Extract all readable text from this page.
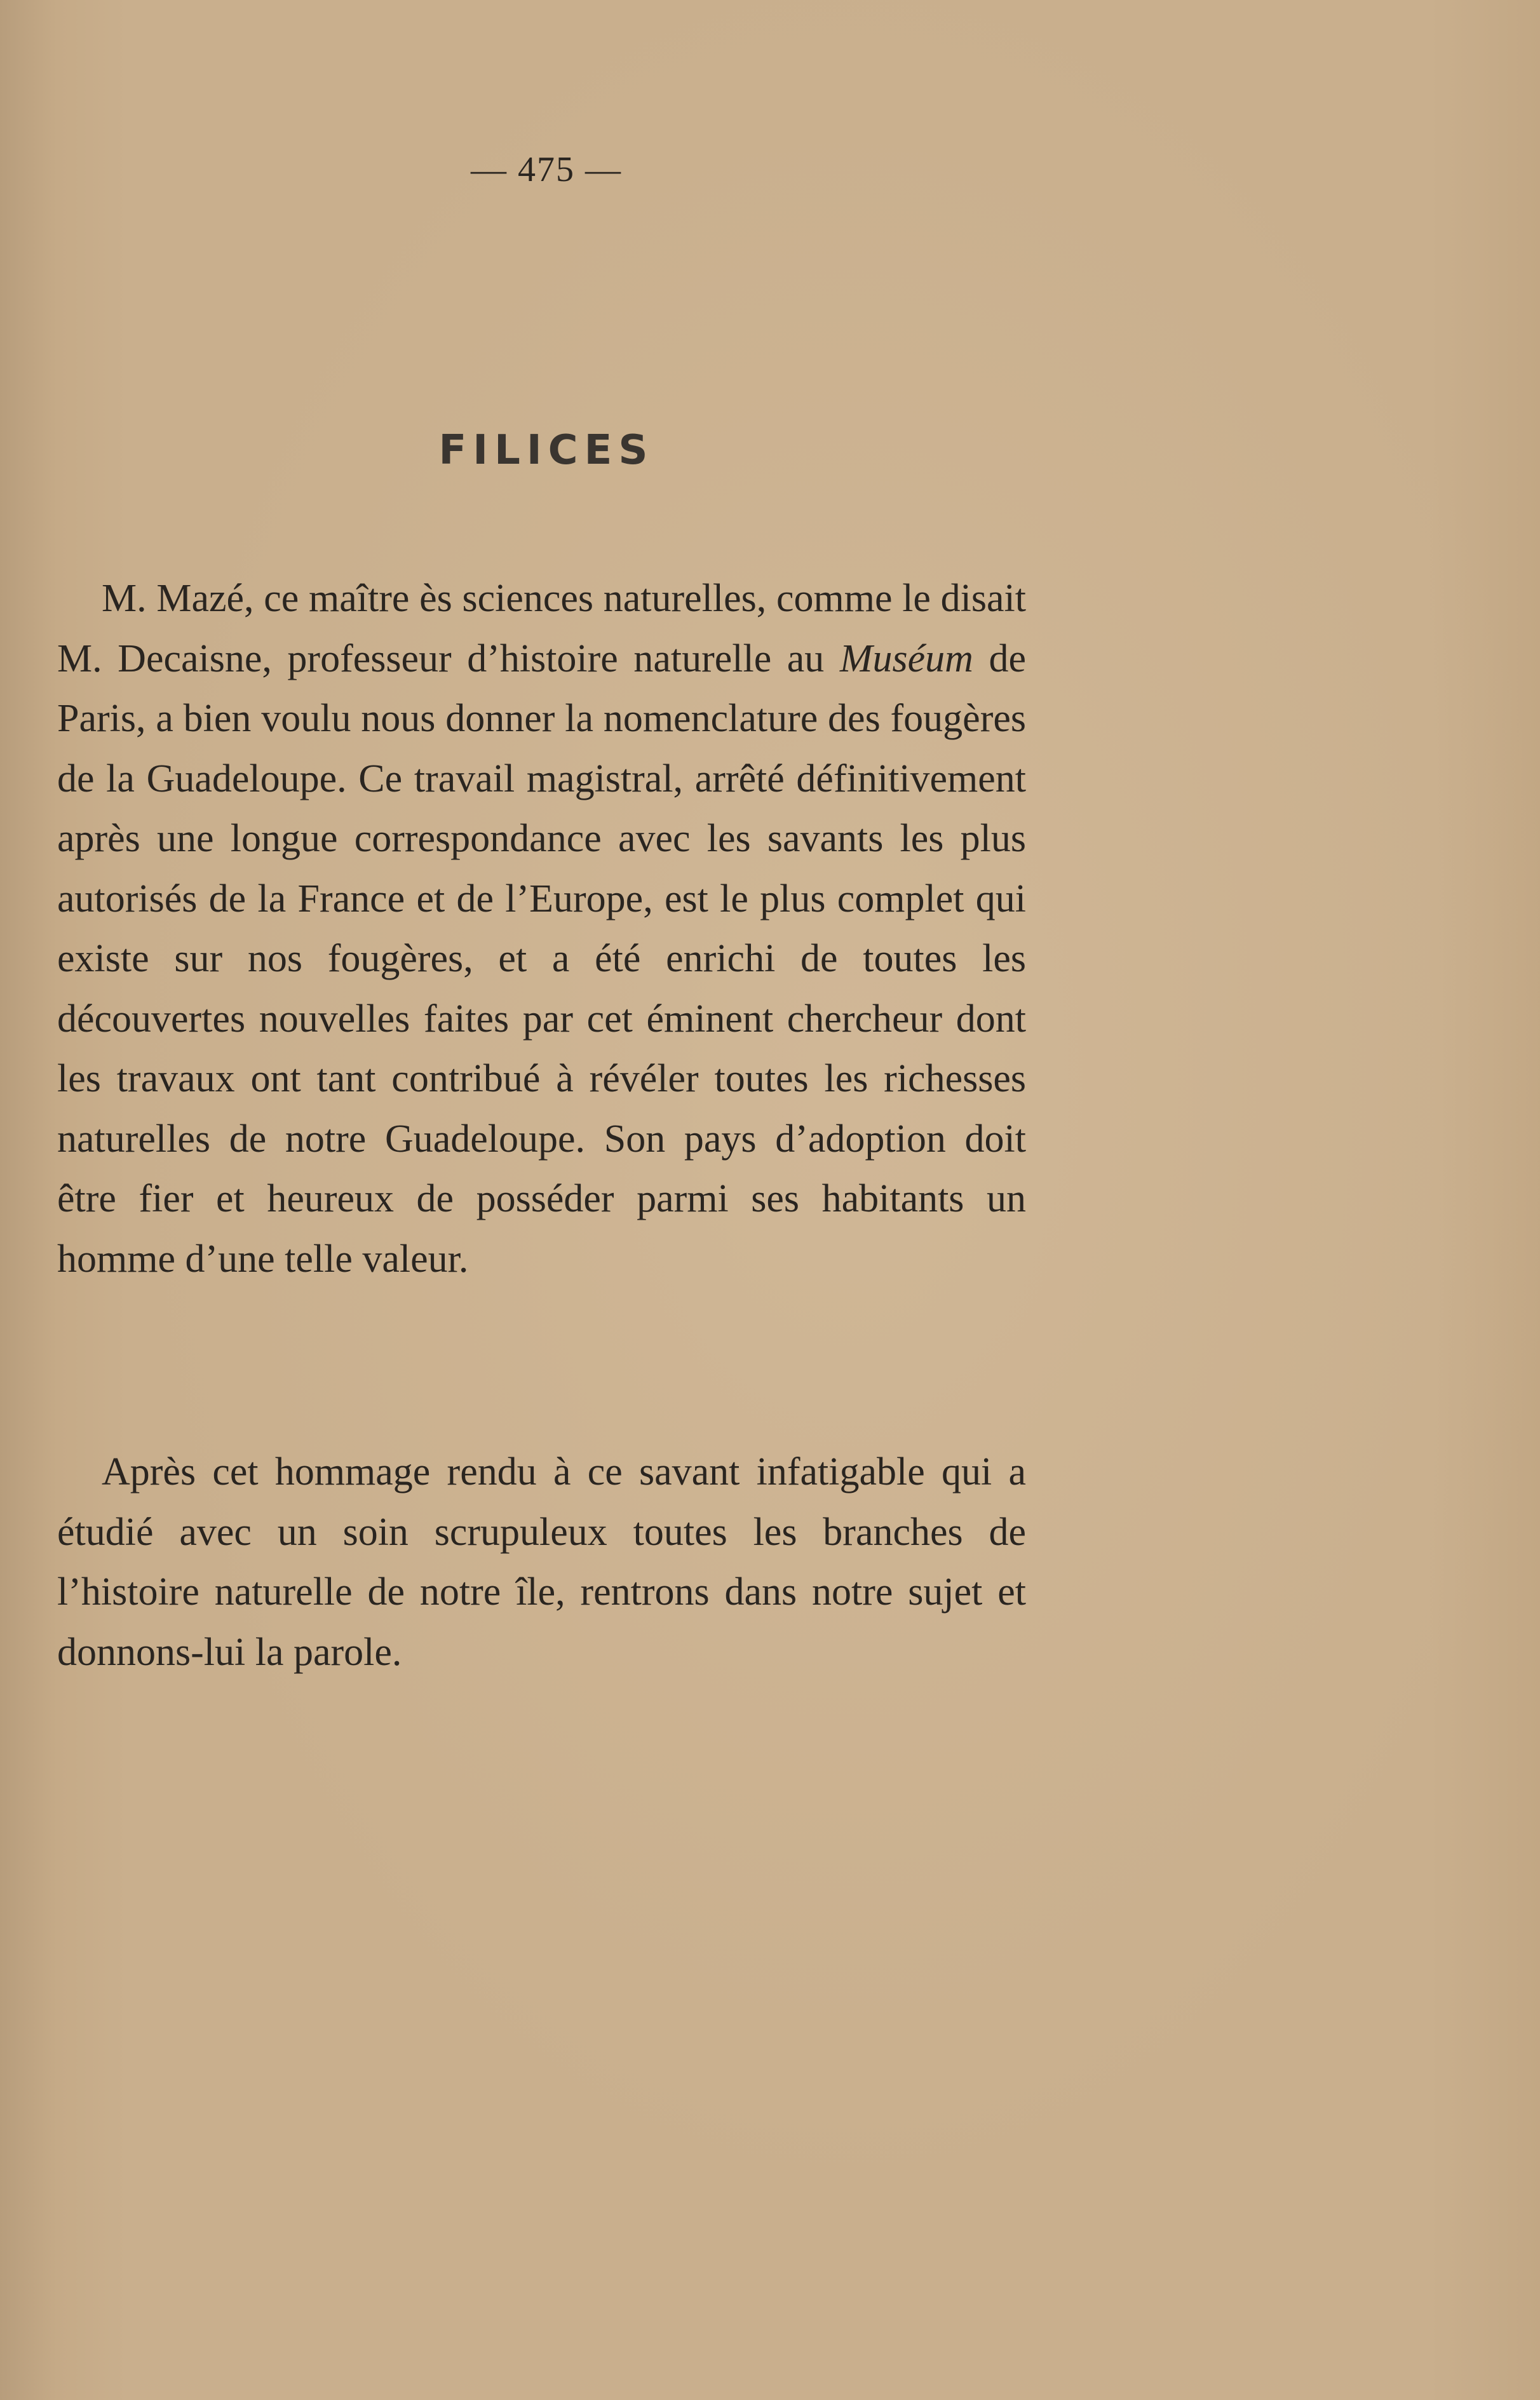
— 475 —
FILICES

M. Mazé, ce maître ès sciences naturelles, comme le disait M. Decaisne, professeur d’histoire naturelle au Muséum de Paris, a bien voulu nous donner la nomenclature des fougères de la Guadeloupe. Ce travail magistral, arrêté définitivement après une longue correspondance avec les savants les plus autorisés de la France et de l’Europe, est le plus complet qui existe sur nos fougères, et a été enrichi de toutes les découvertes nouvelles faites par cet éminent chercheur dont les travaux ont tant contribué à révéler toutes les richesses naturelles de notre Guadeloupe. Son pays d’adoption doit être fier et heureux de posséder parmi ses habitants un homme d’une telle valeur.

Après cet hommage rendu à ce savant infatigable qui a étudié avec un soin scrupuleux toutes les branches de l’histoire naturelle de notre île, rentrons dans notre sujet et donnons-lui la parole.
